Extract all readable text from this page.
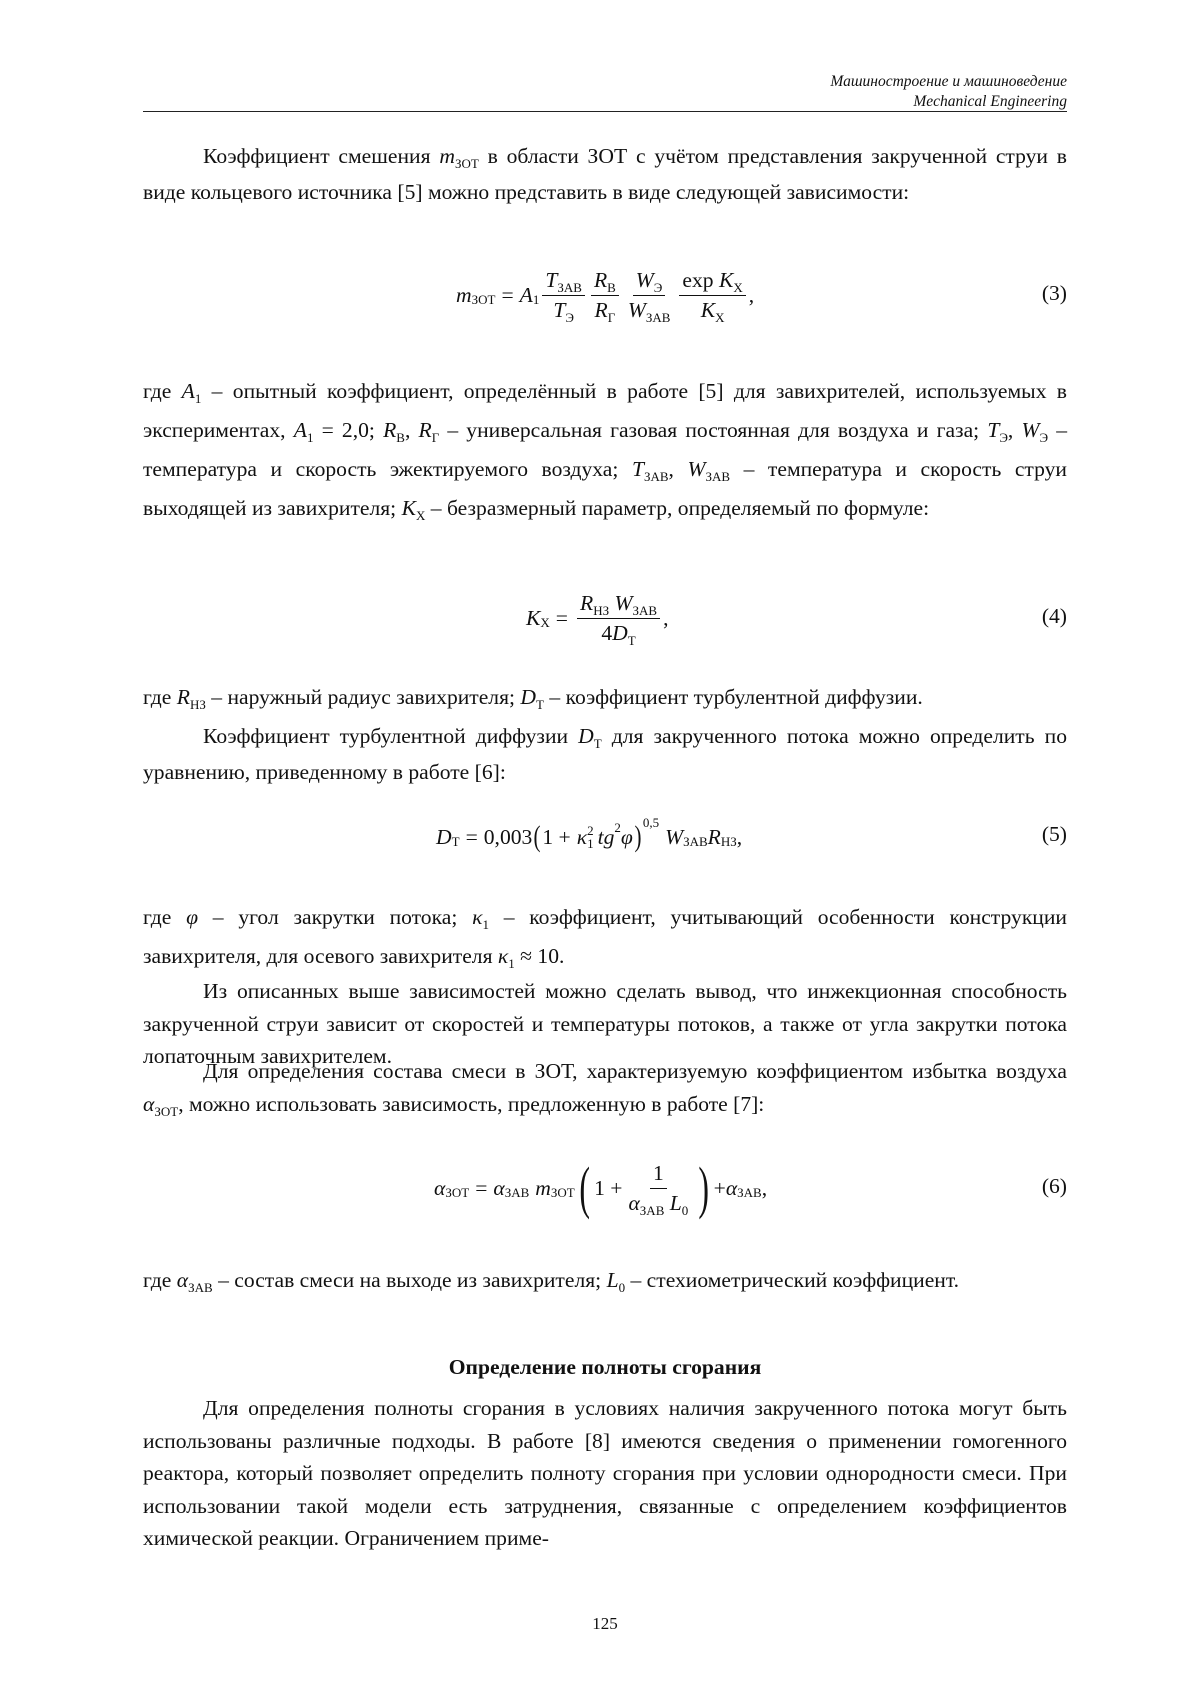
Машиностроение и машиноведение
Mechanical Engineering

Коэффициент смешения $m_{ЗОТ}$ в области ЗОТ с учётом представления закрученной струи в виде кольцевого источника [5] можно представить в виде следующей зависимости:

m ЗОТ = A $1 \frac{T_{ЗАВ}}{T_Э} \frac{R_В}{R_Г} \frac{W_Э}{W_{ЗАВ}} \frac{\exp K_X}{K_X}$ ,	(3)

где $A_1$ – опытный коэффициент, определённый в работе [5] для завихрителей, используемых в экспериментах, $A_1 = 2,0$; $R_В$, $R_Г$ – универсальная газовая постоянная для воздуха и газа; $T_Э$, $W_Э$ – температура и скорость эжектируемого воздуха; $T_{ЗАВ}$, $W_{ЗАВ}$ – температура и скорость струи выходящей из завихрителя; $K_X$ – безразмерный параметр, определяемый по формуле:

K $X = \frac{R_{НЗ} W_{ЗАВ}}{4D_Т}$ ,	(4)

где $R_{НЗ}$ – наружный радиус завихрителя; $D_Т$ – коэффициент турбулентной диффузии.

Коэффициент турбулентной диффузии $D_Т$ для закрученного потока можно определить по уравнению, приведенному в работе [6]:

D Т = 0,003 ( 1 + κ 2
1 tg 2 φ ) 0,5
W ЗАВ R НЗ ,	(5)

где φ – угол закрутки потока; $\kappa_1$ – коэффициент, учитывающий особенности конструкции завихрителя, для осевого завихрителя $\kappa_1 \approx 10$.

Из описанных выше зависимостей можно сделать вывод, что инжекционная способность закрученной струи зависит от скоростей и температуры потоков, а также от угла закрутки потока лопаточным завихрителем.

Для определения состава смеси в ЗОТ, характеризуемую коэффициентом избытка воздуха $\alpha_{ЗОТ}$, можно использовать зависимость, предложенную в работе [7]:

α ЗОТ = α ЗАВ m ЗОТ ( $1 + \frac{1}{\alpha_{ЗАВ} L_0}$ ) + α ЗАВ ,	(6)

где $\alpha_{ЗАВ}$ – состав смеси на выходе из завихрителя; $L_0$ – стехиометрический коэффициент.

Определение полноты сгорания

Для определения полноты сгорания в условиях наличия закрученного потока могут быть использованы различные подходы. В работе [8] имеются сведения о применении гомогенного реактора, который позволяет определить полноту сгорания при условии однородности смеси. При использовании такой модели есть затруднения, связанные с определением коэффициентов химической реакции. Ограничением приме-

125
